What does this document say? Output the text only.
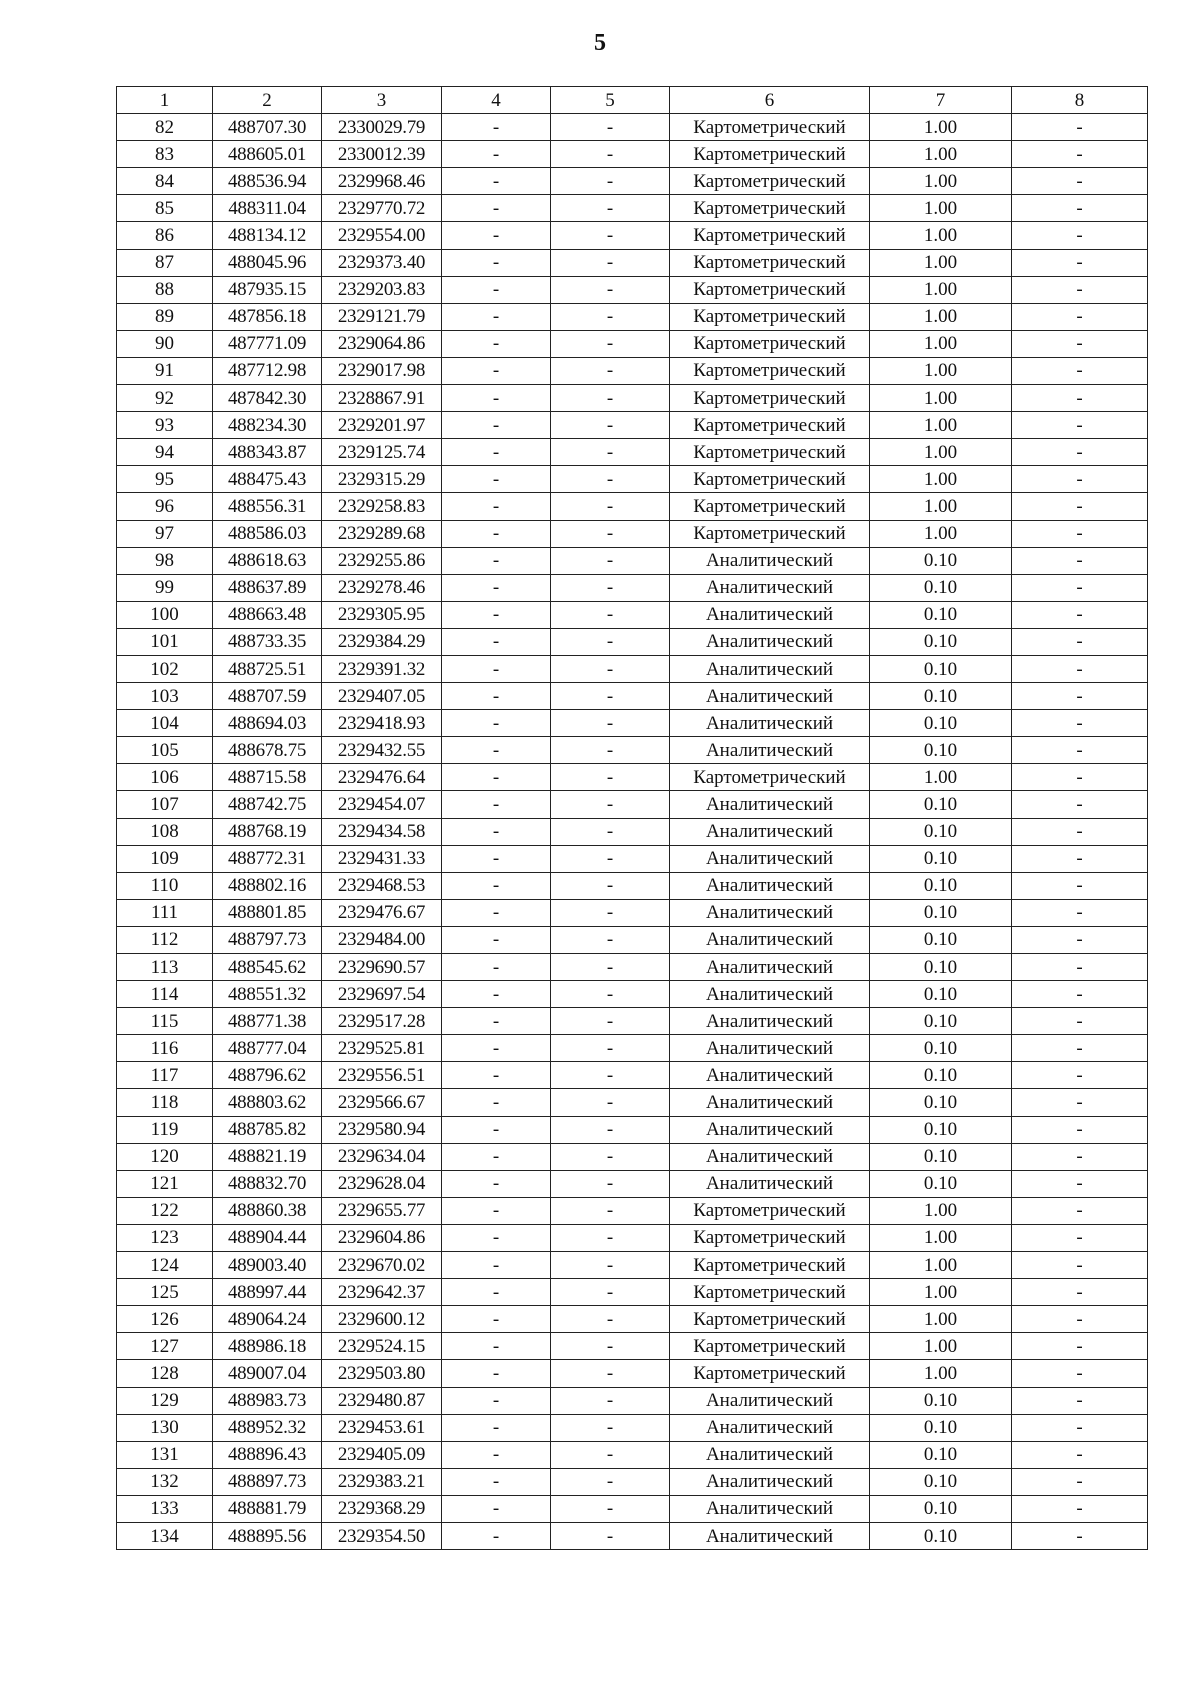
5
1	2	3	4	5	6	7	8
82	488707.30	2330029.79	-	-	Картометрический	1.00	-
83	488605.01	2330012.39	-	-	Картометрический	1.00	-
84	488536.94	2329968.46	-	-	Картометрический	1.00	-
85	488311.04	2329770.72	-	-	Картометрический	1.00	-
86	488134.12	2329554.00	-	-	Картометрический	1.00	-
87	488045.96	2329373.40	-	-	Картометрический	1.00	-
88	487935.15	2329203.83	-	-	Картометрический	1.00	-
89	487856.18	2329121.79	-	-	Картометрический	1.00	-
90	487771.09	2329064.86	-	-	Картометрический	1.00	-
91	487712.98	2329017.98	-	-	Картометрический	1.00	-
92	487842.30	2328867.91	-	-	Картометрический	1.00	-
93	488234.30	2329201.97	-	-	Картометрический	1.00	-
94	488343.87	2329125.74	-	-	Картометрический	1.00	-
95	488475.43	2329315.29	-	-	Картометрический	1.00	-
96	488556.31	2329258.83	-	-	Картометрический	1.00	-
97	488586.03	2329289.68	-	-	Картометрический	1.00	-
98	488618.63	2329255.86	-	-	Аналитический	0.10	-
99	488637.89	2329278.46	-	-	Аналитический	0.10	-
100	488663.48	2329305.95	-	-	Аналитический	0.10	-
101	488733.35	2329384.29	-	-	Аналитический	0.10	-
102	488725.51	2329391.32	-	-	Аналитический	0.10	-
103	488707.59	2329407.05	-	-	Аналитический	0.10	-
104	488694.03	2329418.93	-	-	Аналитический	0.10	-
105	488678.75	2329432.55	-	-	Аналитический	0.10	-
106	488715.58	2329476.64	-	-	Картометрический	1.00	-
107	488742.75	2329454.07	-	-	Аналитический	0.10	-
108	488768.19	2329434.58	-	-	Аналитический	0.10	-
109	488772.31	2329431.33	-	-	Аналитический	0.10	-
110	488802.16	2329468.53	-	-	Аналитический	0.10	-
111	488801.85	2329476.67	-	-	Аналитический	0.10	-
112	488797.73	2329484.00	-	-	Аналитический	0.10	-
113	488545.62	2329690.57	-	-	Аналитический	0.10	-
114	488551.32	2329697.54	-	-	Аналитический	0.10	-
115	488771.38	2329517.28	-	-	Аналитический	0.10	-
116	488777.04	2329525.81	-	-	Аналитический	0.10	-
117	488796.62	2329556.51	-	-	Аналитический	0.10	-
118	488803.62	2329566.67	-	-	Аналитический	0.10	-
119	488785.82	2329580.94	-	-	Аналитический	0.10	-
120	488821.19	2329634.04	-	-	Аналитический	0.10	-
121	488832.70	2329628.04	-	-	Аналитический	0.10	-
122	488860.38	2329655.77	-	-	Картометрический	1.00	-
123	488904.44	2329604.86	-	-	Картометрический	1.00	-
124	489003.40	2329670.02	-	-	Картометрический	1.00	-
125	488997.44	2329642.37	-	-	Картометрический	1.00	-
126	489064.24	2329600.12	-	-	Картометрический	1.00	-
127	488986.18	2329524.15	-	-	Картометрический	1.00	-
128	489007.04	2329503.80	-	-	Картометрический	1.00	-
129	488983.73	2329480.87	-	-	Аналитический	0.10	-
130	488952.32	2329453.61	-	-	Аналитический	0.10	-
131	488896.43	2329405.09	-	-	Аналитический	0.10	-
132	488897.73	2329383.21	-	-	Аналитический	0.10	-
133	488881.79	2329368.29	-	-	Аналитический	0.10	-
134	488895.56	2329354.50	-	-	Аналитический	0.10	-
